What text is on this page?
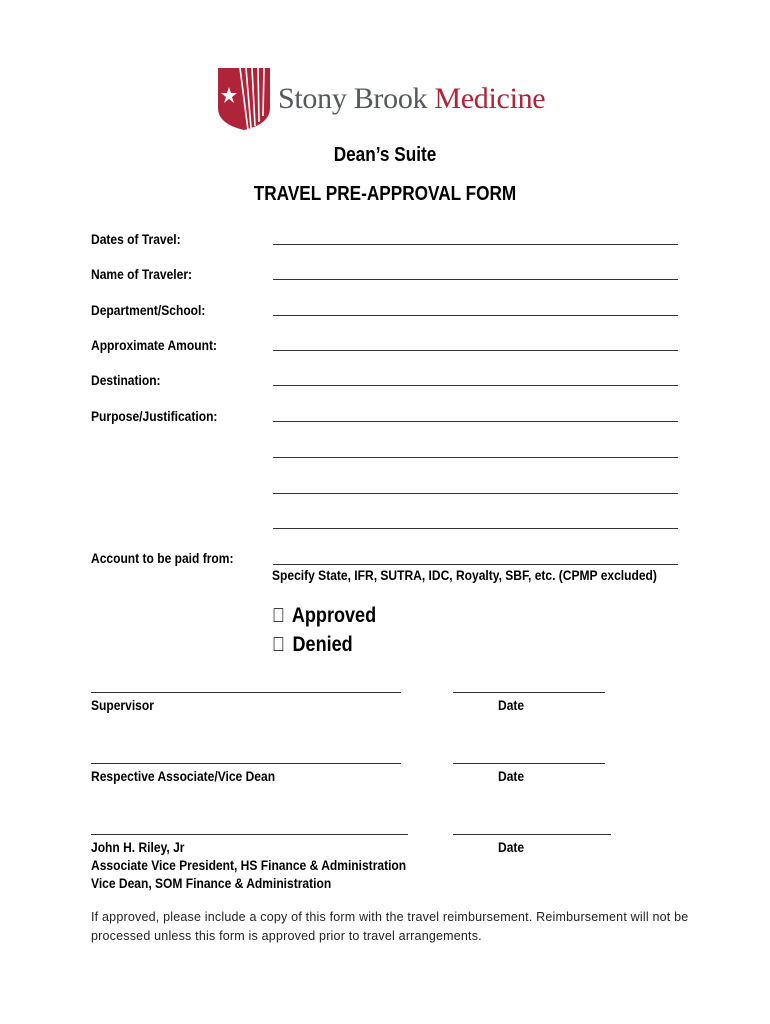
Stony Brook Medicine
Dean’s Suite
TRAVEL PRE-APPROVAL FORM
Dates of Travel:
Name of Traveler:
Department/School:
Approximate Amount:
Destination:
Purpose/Justification:
Account to be paid from:
Specify State, IFR, SUTRA, IDC, Royalty, SBF, etc. (CPMP excluded)
Approved
Denied
Supervisor	Date
Respective Associate/Vice Dean	Date
John H. Riley, Jr	Date
Associate Vice President, HS Finance & Administration
Vice Dean, SOM Finance & Administration
If approved, please include a copy of this form with the travel reimbursement. Reimbursement will not be processed unless this form is approved prior to travel arrangements.
